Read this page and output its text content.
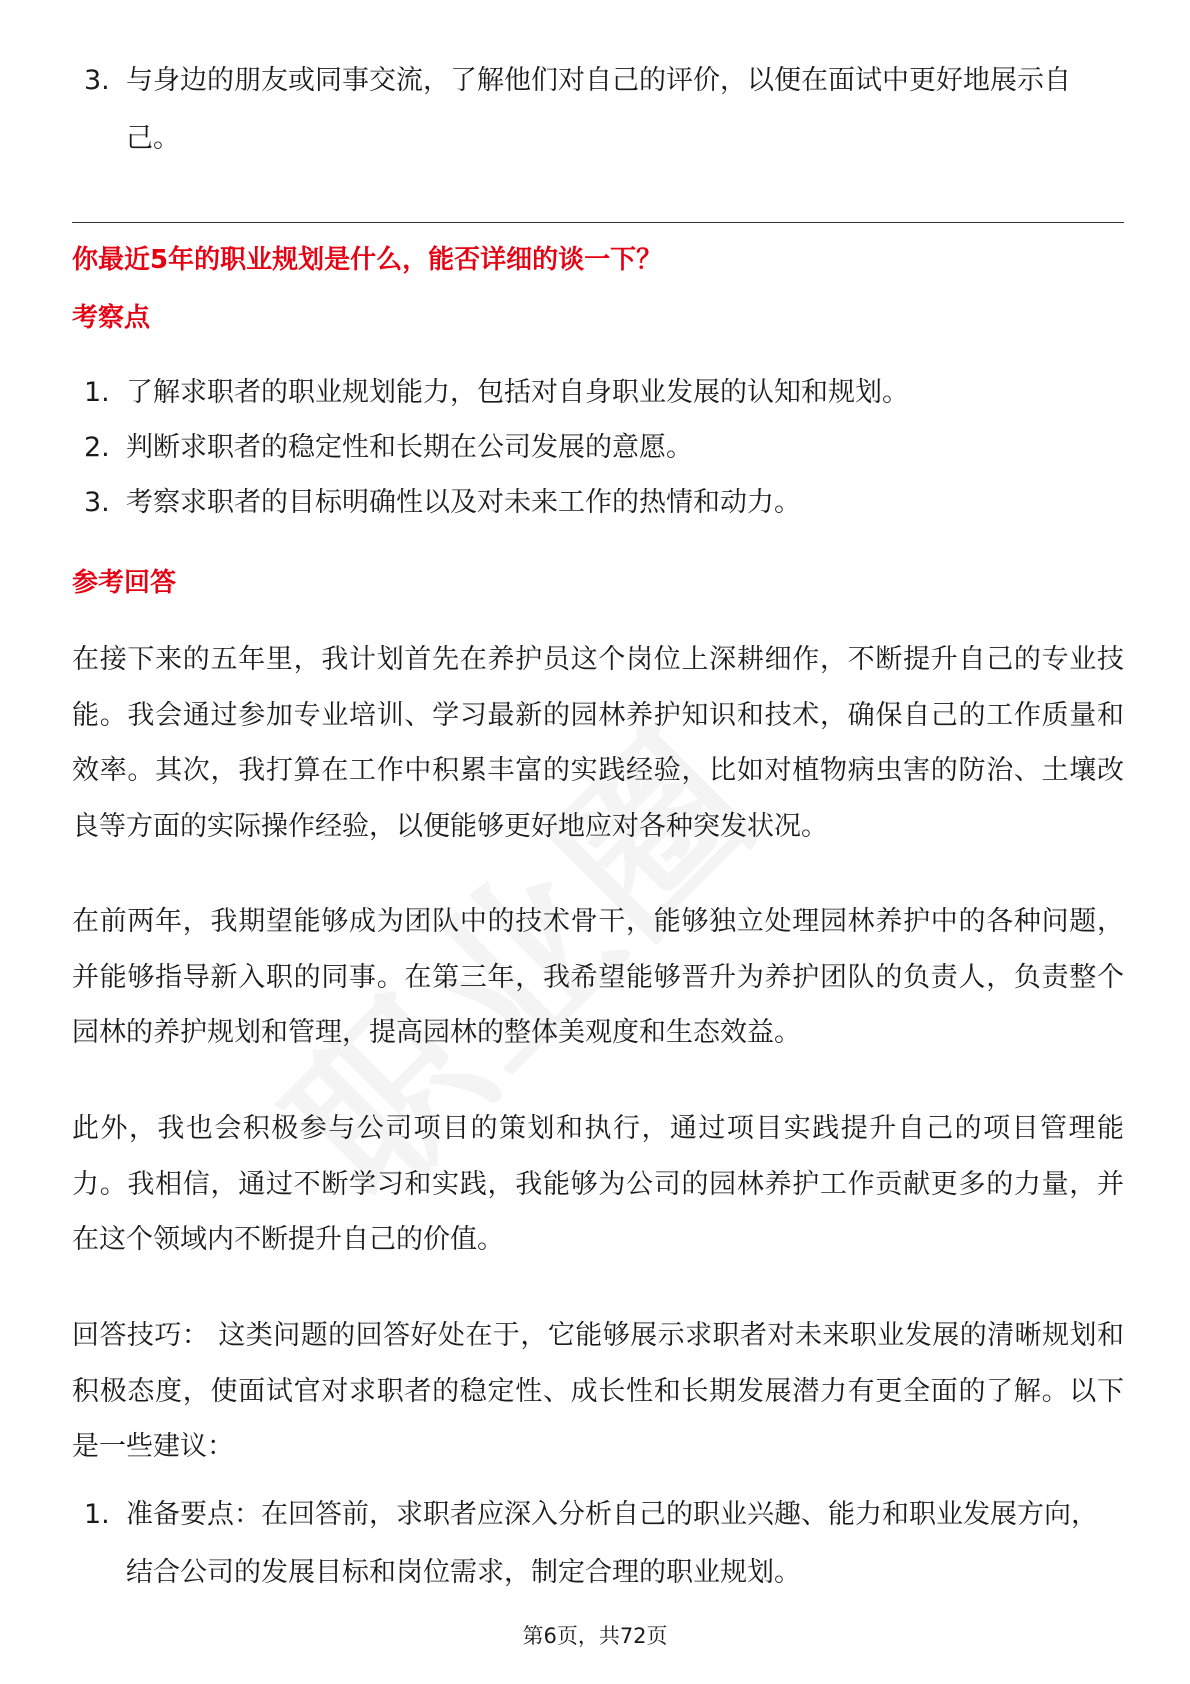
3. 与身边的朋友或同事交流，了解他们对自己的评价，以便在面试中更好地展示自己。
你最近5年的职业规划是什么，能否详细的谈一下？
考察点
1. 了解求职者的职业规划能力，包括对自身职业发展的认知和规划。
2. 判断求职者的稳定性和长期在公司发展的意愿。
3. 考察求职者的目标明确性以及对未来工作的热情和动力。
参考回答

在接下来的五年里，我计划首先在养护员这个岗位上深耕细作，不断提升自己的专业技能。我会通过参加专业培训、学习最新的园林养护知识和技术，确保自己的工作质量和效率。其次，我打算在工作中积累丰富的实践经验，比如对植物病虫害的防治、土壤改良等方面的实际操作经验，以便能够更好地应对各种突发状况。

在前两年，我期望能够成为团队中的技术骨干，能够独立处理园林养护中的各种问题，并能够指导新入职的同事。在第三年，我希望能够晋升为养护团队的负责人，负责整个园林的养护规划和管理，提高园林的整体美观度和生态效益。

此外，我也会积极参与公司项目的策划和执行，通过项目实践提升自己的项目管理能力。我相信，通过不断学习和实践，我能够为公司的园林养护工作贡献更多的力量，并在这个领域内不断提升自己的价值。

回答技巧： 这类问题的回答好处在于，它能够展示求职者对未来职业发展的清晰规划和积极态度，使面试官对求职者的稳定性、成长性和长期发展潜力有更全面的了解。以下是一些建议：

1. 准备要点：在回答前，求职者应深入分析自己的职业兴趣、能力和职业发展方向，结合公司的发展目标和岗位需求，制定合理的职业规划。
第6页，共72页
